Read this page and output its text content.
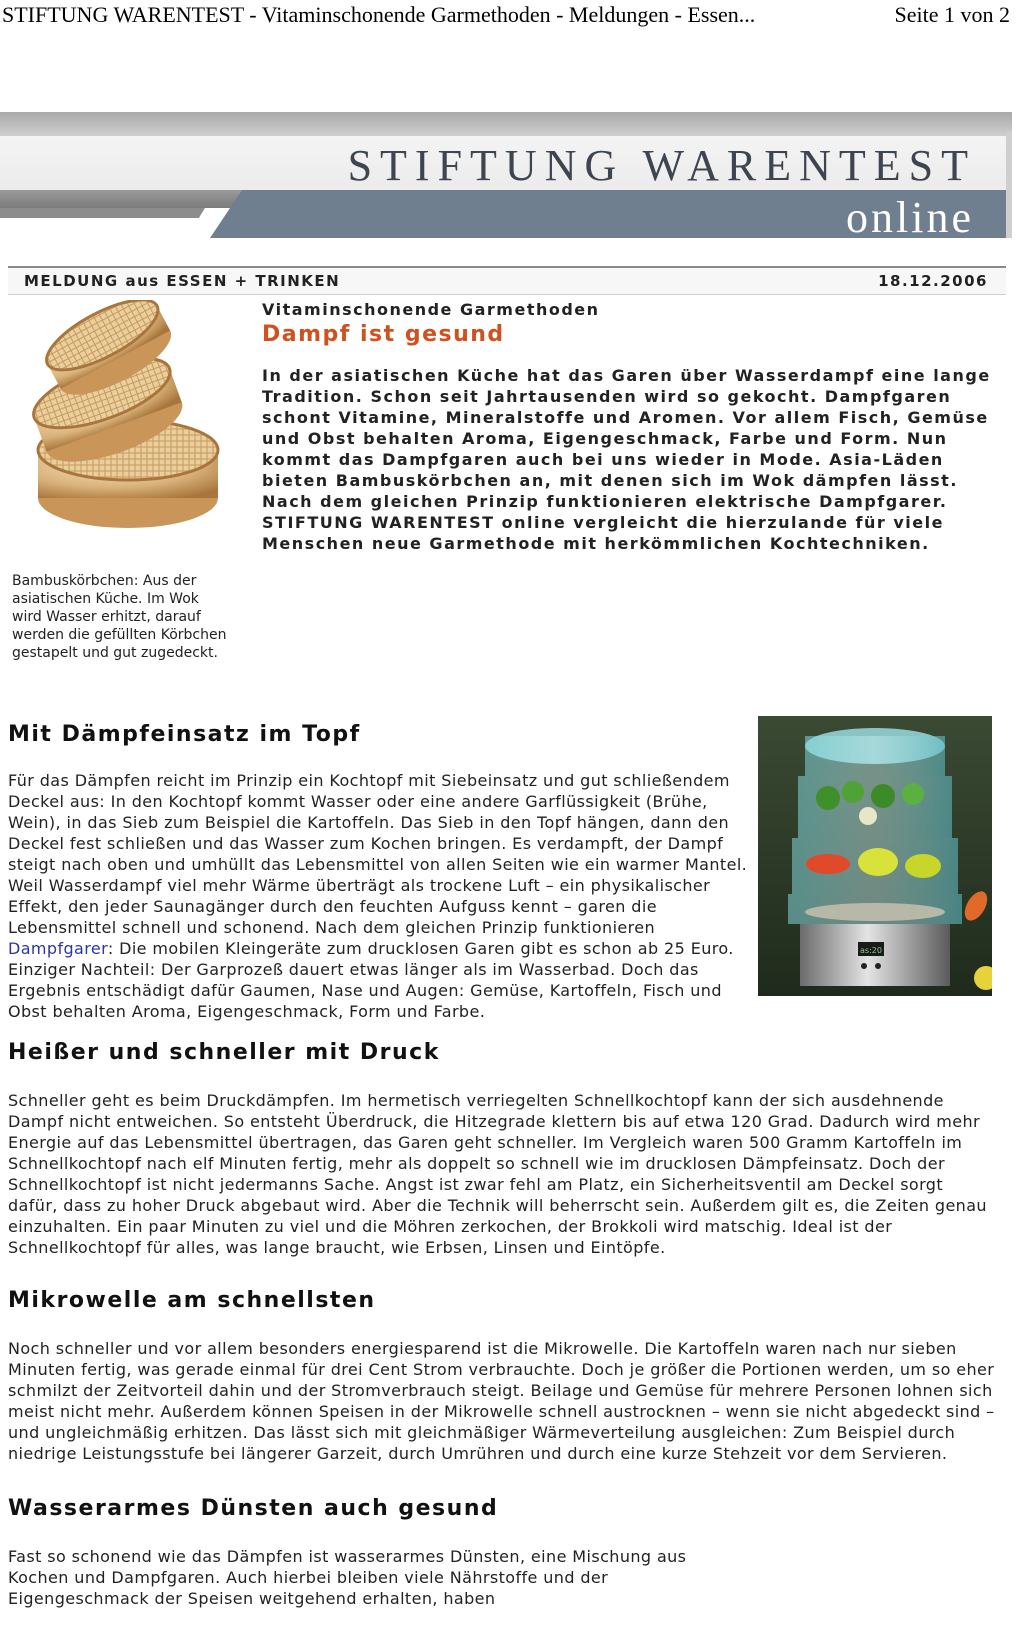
STIFTUNG WARENTEST - Vitaminschonende Garmethoden - Meldungen - Essen...	Seite 1 von 2
STIFTUNG WARENTEST
online
MELDUNG aus ESSEN + TRINKEN	18.12.2006
Bambuskörbchen: Aus der asiatischen Küche. Im Wok wird Wasser erhitzt, darauf werden die gefüllten Körbchen gestapelt und gut zugedeckt.
Vitaminschonende Garmethoden
Dampf ist gesund
In der asiatischen Küche hat das Garen über Wasserdampf eine lange Tradition. Schon seit Jahrtausenden wird so gekocht. Dampfgaren schont Vitamine, Mineralstoffe und Aromen. Vor allem Fisch, Gemüse und Obst behalten Aroma, Eigengeschmack, Farbe und Form. Nun kommt das Dampfgaren auch bei uns wieder in Mode. Asia-Läden bieten Bambuskörbchen an, mit denen sich im Wok dämpfen lässt. Nach dem gleichen Prinzip funktionieren elektrische Dampfgarer.
STIFTUNG WARENTEST online vergleicht die hierzulande für viele Menschen neue Garmethode mit herkömmlichen Kochtechniken.
Mit Dämpfeinsatz im Topf
Für das Dämpfen reicht im Prinzip ein Kochtopf mit Siebeinsatz und gut schließendem Deckel aus: In den Kochtopf kommt Wasser oder eine andere Garflüssigkeit (Brühe, Wein), in das Sieb zum Beispiel die Kartoffeln. Das Sieb in den Topf hängen, dann den Deckel fest schließen und das Wasser zum Kochen bringen. Es verdampft, der Dampf steigt nach oben und umhüllt das Lebensmittel von allen Seiten wie ein warmer Mantel. Weil Wasserdampf viel mehr Wärme überträgt als trockene Luft – ein physikalischer Effekt, den jeder Saunagänger durch den feuchten Aufguss kennt – garen die Lebensmittel schnell und schonend. Nach dem gleichen Prinzip funktionieren Dampfgarer: Die mobilen Kleingeräte zum drucklosen Garen gibt es schon ab 25 Euro. Einziger Nachteil: Der Garprozeß dauert etwas länger als im Wasserbad. Doch das Ergebnis entschädigt dafür Gaumen, Nase und Augen: Gemüse, Kartoffeln, Fisch und Obst behalten Aroma, Eigengeschmack, Form und Farbe.
as:20
Heißer und schneller mit Druck
Schneller geht es beim Druckdämpfen. Im hermetisch verriegelten Schnellkochtopf kann der sich ausdehnende Dampf nicht entweichen. So entsteht Überdruck, die Hitzegrade klettern bis auf etwa 120 Grad. Dadurch wird mehr Energie auf das Lebensmittel übertragen, das Garen geht schneller. Im Vergleich waren 500 Gramm Kartoffeln im Schnellkochtopf nach elf Minuten fertig, mehr als doppelt so schnell wie im drucklosen Dämpfeinsatz. Doch der Schnellkochtopf ist nicht jedermanns Sache. Angst ist zwar fehl am Platz, ein Sicherheitsventil am Deckel sorgt dafür, dass zu hoher Druck abgebaut wird. Aber die Technik will beherrscht sein. Außerdem gilt es, die Zeiten genau einzuhalten. Ein paar Minuten zu viel und die Möhren zerkochen, der Brokkoli wird matschig. Ideal ist der Schnellkochtopf für alles, was lange braucht, wie Erbsen, Linsen und Eintöpfe.
Mikrowelle am schnellsten
Noch schneller und vor allem besonders energiesparend ist die Mikrowelle. Die Kartoffeln waren nach nur sieben Minuten fertig, was gerade einmal für drei Cent Strom verbrauchte. Doch je größer die Portionen werden, um so eher schmilzt der Zeitvorteil dahin und der Stromverbrauch steigt. Beilage und Gemüse für mehrere Personen lohnen sich meist nicht mehr. Außerdem können Speisen in der Mikrowelle schnell austrocknen – wenn sie nicht abgedeckt sind – und ungleichmäßig erhitzen. Das lässt sich mit gleichmäßiger Wärmeverteilung ausgleichen: Zum Beispiel durch niedrige Leistungsstufe bei längerer Garzeit, durch Umrühren und durch eine kurze Stehzeit vor dem Servieren.
Wasserarmes Dünsten auch gesund
Fast so schonend wie das Dämpfen ist wasserarmes Dünsten, eine Mischung aus Kochen und Dampfgaren. Auch hierbei bleiben viele Nährstoffe und der Eigengeschmack der Speisen weitgehend erhalten, haben
